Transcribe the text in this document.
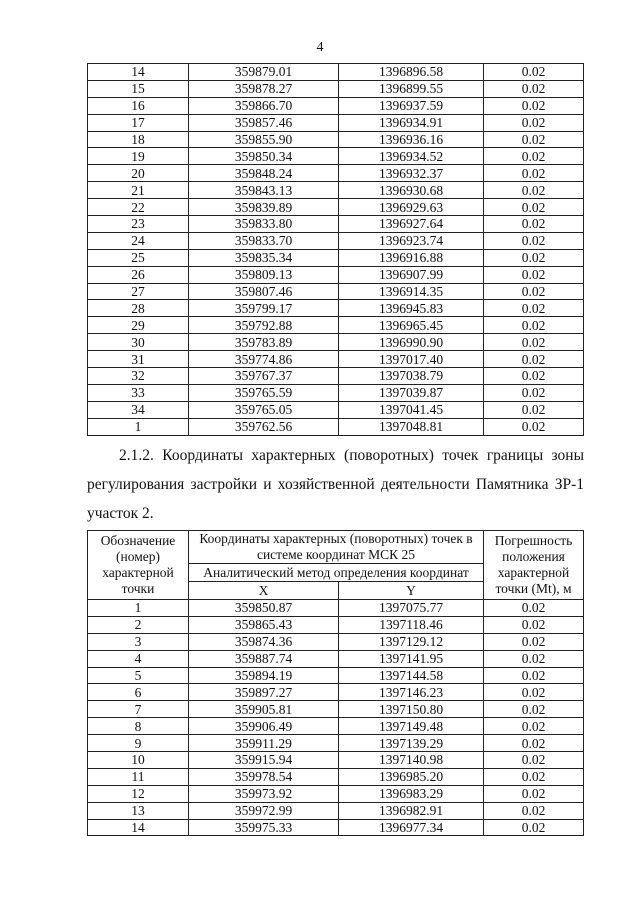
4
14	359879.01	1396896.58	0.02
15	359878.27	1396899.55	0.02
16	359866.70	1396937.59	0.02
17	359857.46	1396934.91	0.02
18	359855.90	1396936.16	0.02
19	359850.34	1396934.52	0.02
20	359848.24	1396932.37	0.02
21	359843.13	1396930.68	0.02
22	359839.89	1396929.63	0.02
23	359833.80	1396927.64	0.02
24	359833.70	1396923.74	0.02
25	359835.34	1396916.88	0.02
26	359809.13	1396907.99	0.02
27	359807.46	1396914.35	0.02
28	359799.17	1396945.83	0.02
29	359792.88	1396965.45	0.02
30	359783.89	1396990.90	0.02
31	359774.86	1397017.40	0.02
32	359767.37	1397038.79	0.02
33	359765.59	1397039.87	0.02
34	359765.05	1397041.45	0.02
1	359762.56	1397048.81	0.02
2.1.2. Координаты характерных (поворотных) точек границы зоны
регулирования застройки и хозяйственной деятельности Памятника ЗР-1
участок 2.
Обозначение (номер) характерной точки	Координаты характерных (поворотных) точек в системе координат МСК 25		Погрешность положения характерной точки (Mt), м
	Аналитический метод определения координат		
	X	Y	
1	359850.87	1397075.77	0.02
2	359865.43	1397118.46	0.02
3	359874.36	1397129.12	0.02
4	359887.74	1397141.95	0.02
5	359894.19	1397144.58	0.02
6	359897.27	1397146.23	0.02
7	359905.81	1397150.80	0.02
8	359906.49	1397149.48	0.02
9	359911.29	1397139.29	0.02
10	359915.94	1397140.98	0.02
11	359978.54	1396985.20	0.02
12	359973.92	1396983.29	0.02
13	359972.99	1396982.91	0.02
14	359975.33	1396977.34	0.02
